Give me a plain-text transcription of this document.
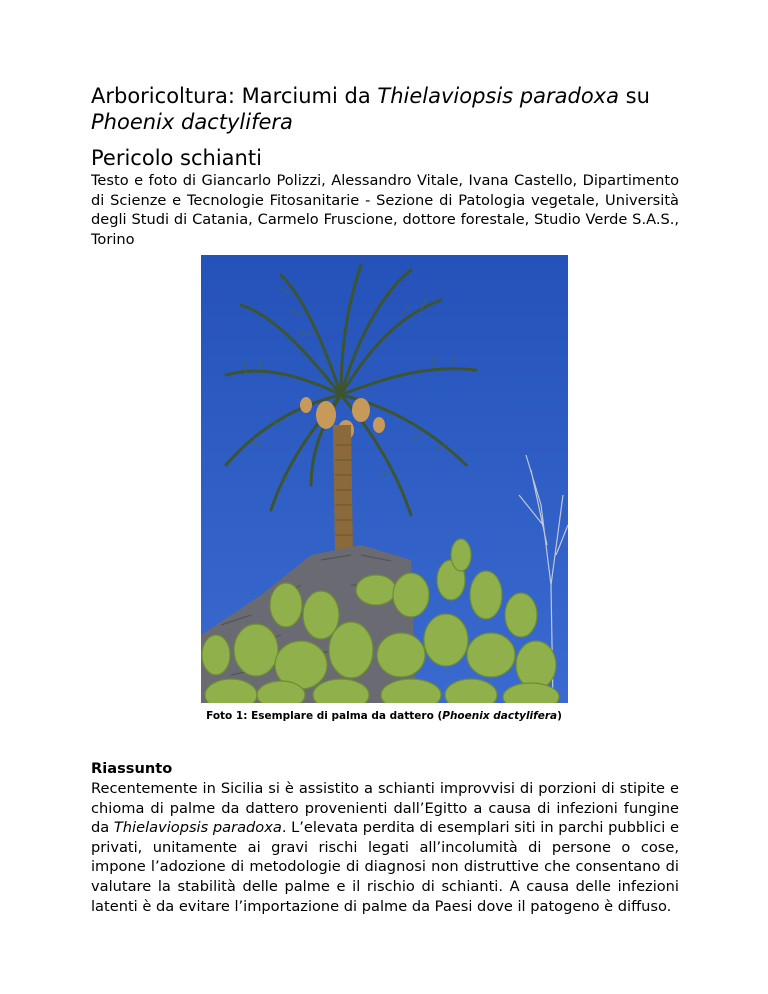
Arboricoltura: Marciumi da Thielaviopsis paradoxa su
Phoenix dactylifera
Pericolo schianti

Testo e foto di Giancarlo Polizzi, Alessandro Vitale, Ivana Castello, Dipartimento di Scienze e Tecnologie Fitosanitarie - Sezione di Patologia vegetale, Università degli Studi di Catania, Carmelo Fruscione, dottore forestale, Studio Verde S.A.S., Torino

Foto 1: Esemplare di palma da dattero (Phoenix dactylifera)

Riassunto

Recentemente in Sicilia si è assistito a schianti improvvisi di porzioni di stipite e chioma di palme da dattero provenienti dall’Egitto a causa di infezioni fungine da Thielaviopsis paradoxa. L’elevata perdita di esemplari siti in parchi pubblici e privati, unitamente ai gravi rischi legati all’incolumità di persone o cose, impone l’adozione di metodologie di diagnosi non distruttive che consentano di valutare la stabilità delle palme e il rischio di schianti. A causa delle infezioni latenti è da evitare l’importazione di palme da Paesi dove il patogeno è diffuso.
